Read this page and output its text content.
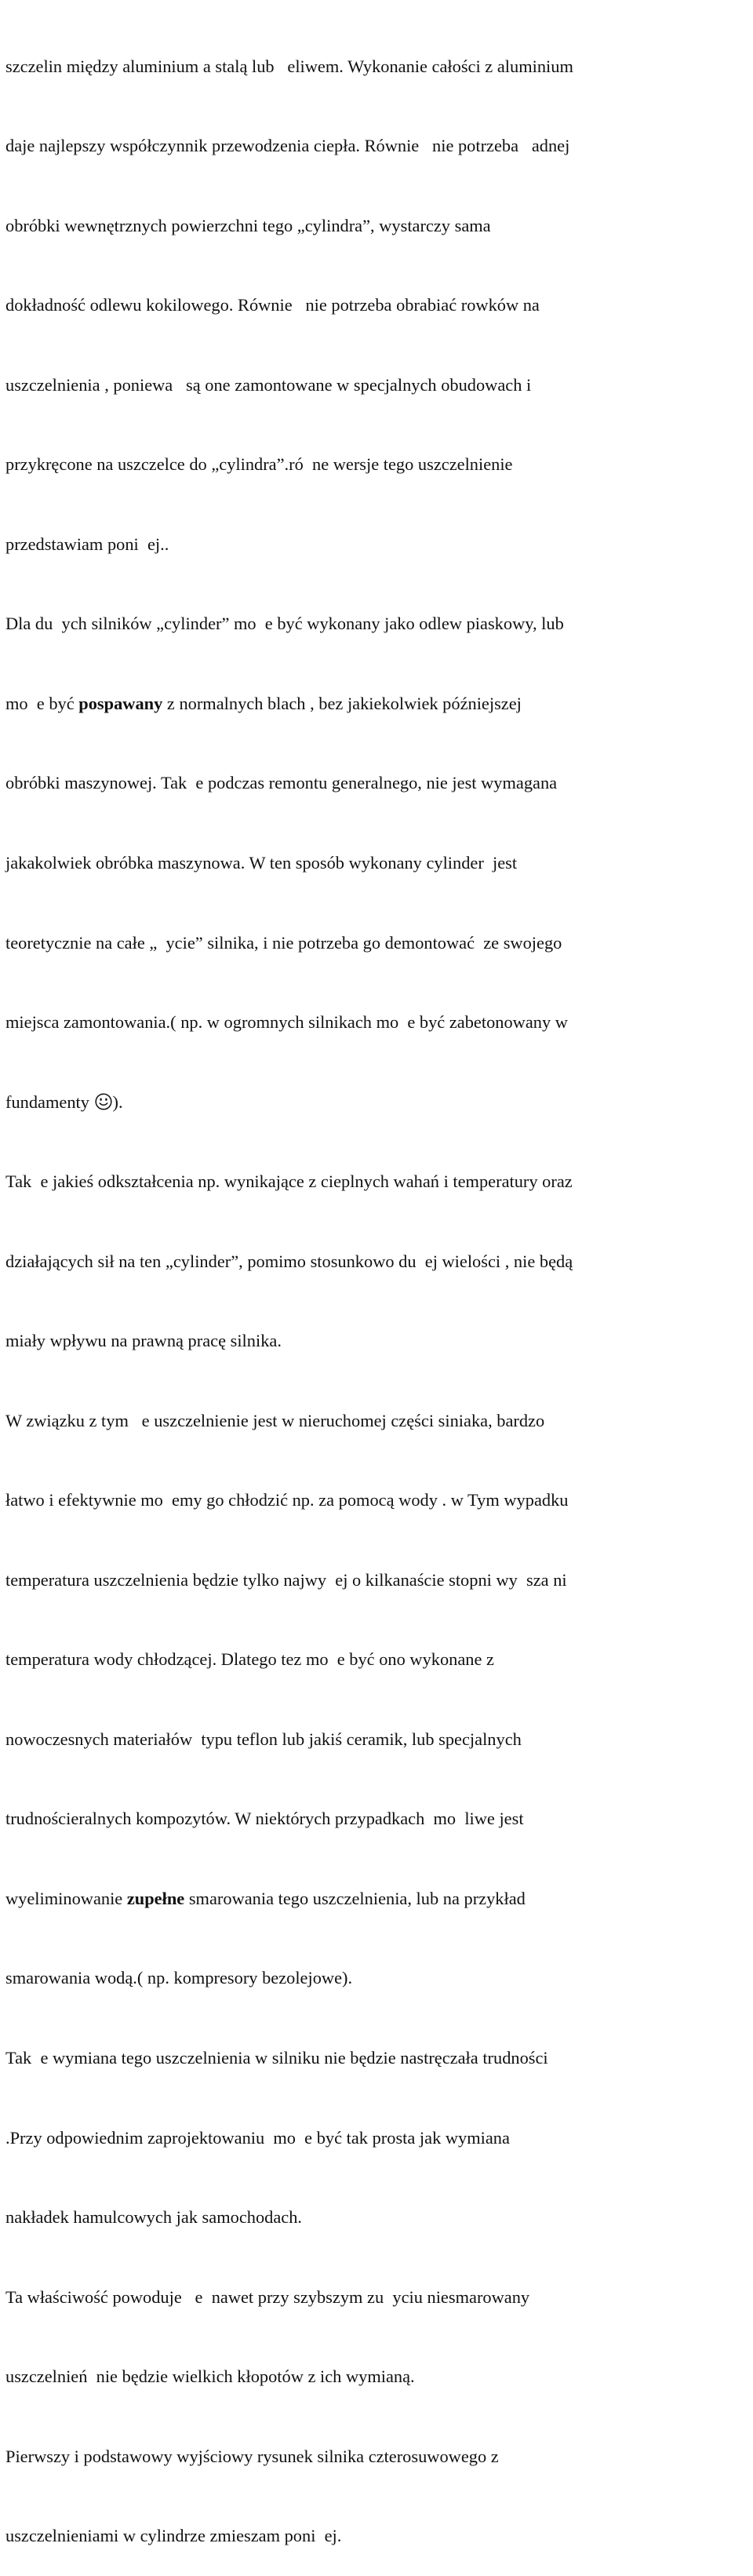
szczelin między aluminium a stalą lub   eliwem. Wykonanie całości z aluminium

daje najlepszy współczynnik przewodzenia ciepła. Równie   nie potrzeba   adnej

obróbki wewnętrznych powierzchni tego „cylindra”, wystarczy sama

dokładność odlewu kokilowego. Równie   nie potrzeba obrabiać rowków na

uszczelnienia , poniewa   są one zamontowane w specjalnych obudowach i

przykręcone na uszczelce do „cylindra”.ró  ne wersje tego uszczelnienie

przedstawiam poni  ej..

Dla du  ych silników „cylinder” mo  e być wykonany jako odlew piaskowy, lub

mo  e być pospawany z normalnych blach , bez jakiekolwiek późniejszej

obróbki maszynowej. Tak  e podczas remontu generalnego, nie jest wymagana

jakakolwiek obróbka maszynowa. W ten sposób wykonany cylinder  jest

teoretycznie na całe „  ycie” silnika, i nie potrzeba go demontować  ze swojego

miejsca zamontowania.( np. w ogromnych silnikach mo  e być zabetonowany w

fundamenty ).

Tak  e jakieś odkształcenia np. wynikające z cieplnych wahań i temperatury oraz

działających sił na ten „cylinder”, pomimo stosunkowo du  ej wielości , nie będą

miały wpływu na prawną pracę silnika.

W związku z tym   e uszczelnienie jest w nieruchomej części siniaka, bardzo

łatwo i efektywnie mo  emy go chłodzić np. za pomocą wody . w Tym wypadku

temperatura uszczelnienia będzie tylko najwy  ej o kilkanaście stopni wy  sza ni

temperatura wody chłodzącej. Dlatego tez mo  e być ono wykonane z

nowoczesnych materiałów  typu teflon lub jakiś ceramik, lub specjalnych

trudnościeralnych kompozytów. W niektórych przypadkach  mo  liwe jest

wyeliminowanie zupełne smarowania tego uszczelnienia, lub na przykład

smarowania wodą.( np. kompresory bezolejowe).

Tak  e wymiana tego uszczelnienia w silniku nie będzie nastręczała trudności

.Przy odpowiednim zaprojektowaniu  mo  e być tak prosta jak wymiana

nakładek hamulcowych jak samochodach.

Ta właściwość powoduje   e  nawet przy szybszym zu  yciu niesmarowany

uszczelnień  nie będzie wielkich kłopotów z ich wymianą.

Pierwszy i podstawowy wyjściowy rysunek silnika czterosuwowego z

uszczelnieniami w cylindrze zmieszam poni  ej.
